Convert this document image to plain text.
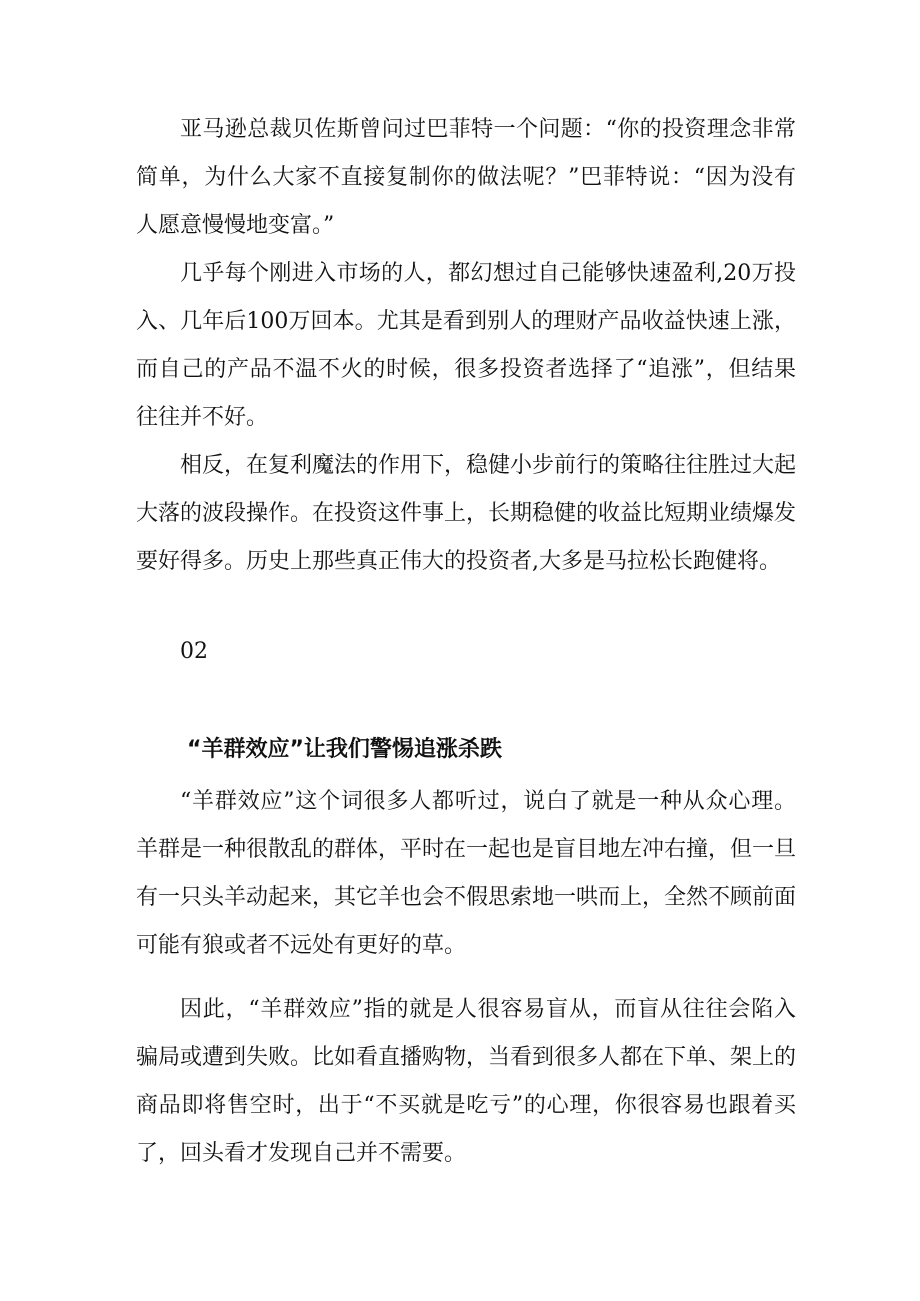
亚马逊总裁贝佐斯曾问过巴菲特一个问题：“你的投资理念非常简单，为什么大家不直接复制你的做法呢？”巴菲特说：“因为没有人愿意慢慢地变富。”

几乎每个刚进入市场的人，都幻想过自己能够快速盈利,20万投入、几年后100万回本。尤其是看到别人的理财产品收益快速上涨，而自己的产品不温不火的时候，很多投资者选择了“追涨”，但结果往往并不好。

相反，在复利魔法的作用下，稳健小步前行的策略往往胜过大起大落的波段操作。在投资这件事上，长期稳健的收益比短期业绩爆发要好得多。历史上那些真正伟大的投资者,大多是马拉松长跑健将。

02

“羊群效应”让我们警惕追涨杀跌

“羊群效应”这个词很多人都听过，说白了就是一种从众心理。羊群是一种很散乱的群体，平时在一起也是盲目地左冲右撞，但一旦有一只头羊动起来，其它羊也会不假思索地一哄而上，全然不顾前面可能有狼或者不远处有更好的草。

因此，“羊群效应”指的就是人很容易盲从，而盲从往往会陷入骗局或遭到失败。比如看直播购物，当看到很多人都在下单、架上的商品即将售空时，出于“不买就是吃亏”的心理，你很容易也跟着买了，回头看才发现自己并不需要。
